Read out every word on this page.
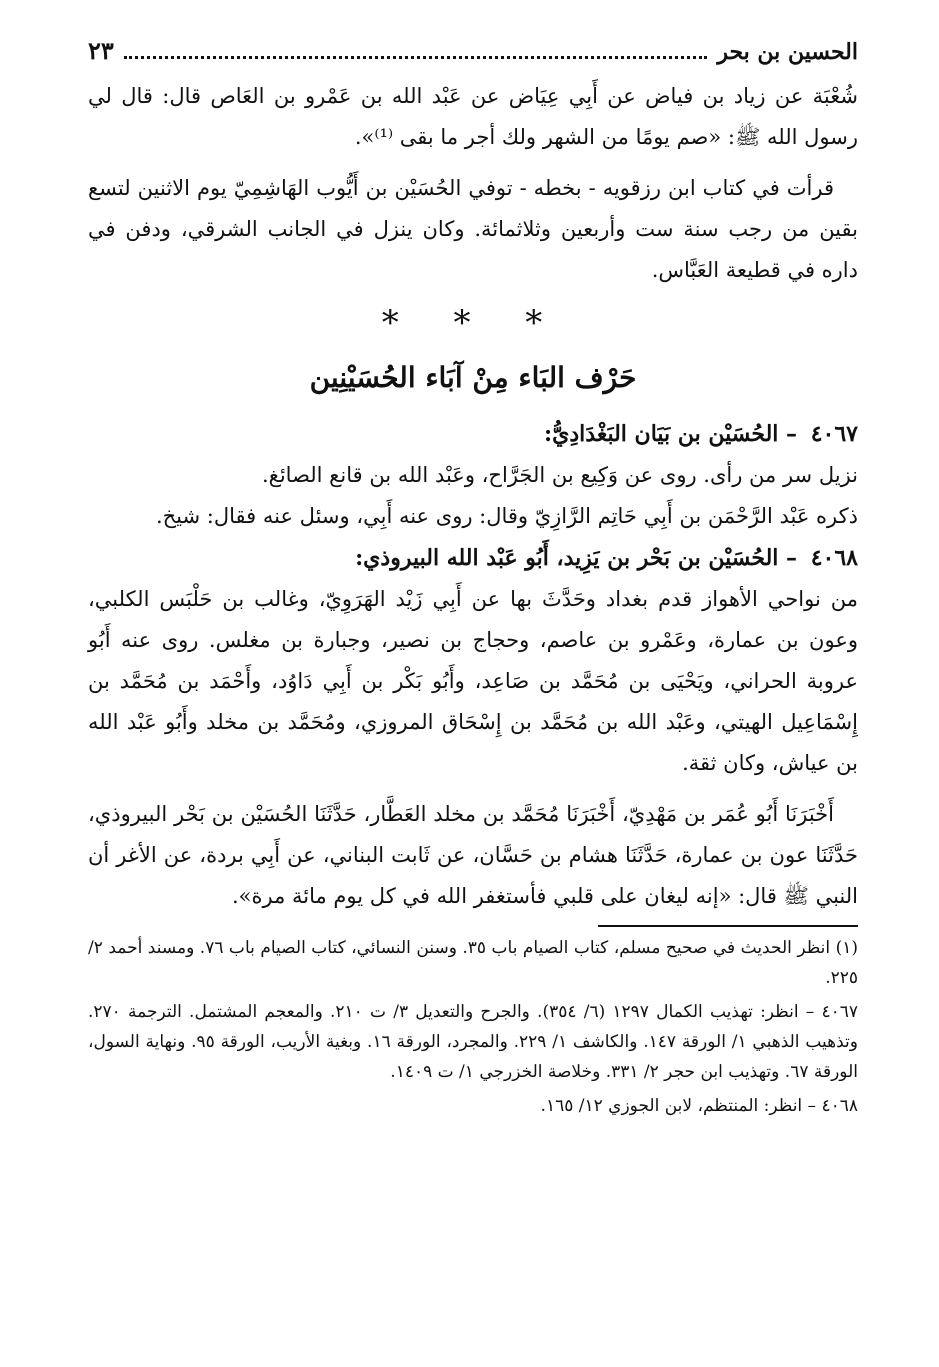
الحسين بن بحر
٢٣

شُعْبَة عن زياد بن فياض عن أَبِي عِيَاض عن عَبْد الله بن عَمْرو بن العَاص قال: قال لي رسول الله ﷺ: «صم يومًا من الشهر ولك أجر ما بقى ⁽¹⁾».

قرأت في كتاب ابن رزقويه - بخطه - توفي الحُسَيْن بن أَيُّوب الهَاشِمِيّ يوم الاثنين لتسع بقين من رجب سنة ست وأربعين وثلاثمائة. وكان ينزل في الجانب الشرقي، ودفن في داره في قطيعة العَبَّاس.

* * *
حَرْف البَاء مِنْ آبَاء الحُسَيْنِين

٤٠٦٧ – الحُسَيْن بن بَيَان البَغْدَادِيُّ:

نزيل سر من رأى. روى عن وَكِيع بن الجَرَّاح، وعَبْد الله بن قانع الصائغ.

ذكره عَبْد الرَّحْمَن بن أَبِي حَاتِم الرَّازِيّ وقال: روى عنه أَبِي، وسئل عنه فقال: شيخ.

٤٠٦٨ – الحُسَيْن بن بَحْر بن يَزِيد، أَبُو عَبْد الله البيروذي:

من نواحي الأهواز قدم بغداد وحَدَّثَ بها عن أَبِي زَيْد الهَرَوِيّ، وغالب بن حَلْبَس الكلبي، وعون بن عمارة، وعَمْرو بن عاصم، وحجاج بن نصير، وجبارة بن مغلس. روى عنه أَبُو عروبة الحراني، ويَحْيَى بن مُحَمَّد بن صَاعِد، وأَبُو بَكْر بن أَبِي دَاوُد، وأَحْمَد بن مُحَمَّد بن إِسْمَاعِيل الهيتي، وعَبْد الله بن مُحَمَّد بن إِسْحَاق المروزي، ومُحَمَّد بن مخلد وأَبُو عَبْد الله بن عياش، وكان ثقة.

أَخْبَرَنَا أَبُو عُمَر بن مَهْدِيّ، أَخْبَرَنَا مُحَمَّد بن مخلد العَطَّار، حَدَّثَنَا الحُسَيْن بن بَحْر البيروذي، حَدَّثَنَا عون بن عمارة، حَدَّثَنَا هشام بن حَسَّان، عن ثَابت البناني، عن أَبِي بردة، عن الأغر أن النبي ﷺ قال: «إنه ليغان على قلبي فأستغفر الله في كل يوم مائة مرة».

(١) انظر الحديث في صحيح مسلم، كتاب الصيام باب ٣٥. وسنن النسائي، كتاب الصيام باب ٧٦. ومسند أحمد ٢/ ٢٢٥.

٤٠٦٧ – انظر: تهذيب الكمال ١٢٩٧ (٦/ ٣٥٤). والجرح والتعديل ٣/ ت ٢١٠. والمعجم المشتمل. الترجمة ٢٧٠. وتذهيب الذهبي ١/ الورقة ١٤٧. والكاشف ١/ ٢٢٩. والمجرد، الورقة ١٦. وبغية الأريب، الورقة ٩٥. ونهاية السول، الورقة ٦٧. وتهذيب ابن حجر ٢/ ٣٣١. وخلاصة الخزرجي ١/ ت ١٤٠٩.

٤٠٦٨ – انظر: المنتظم، لابن الجوزي ١٢/ ١٦٥.
